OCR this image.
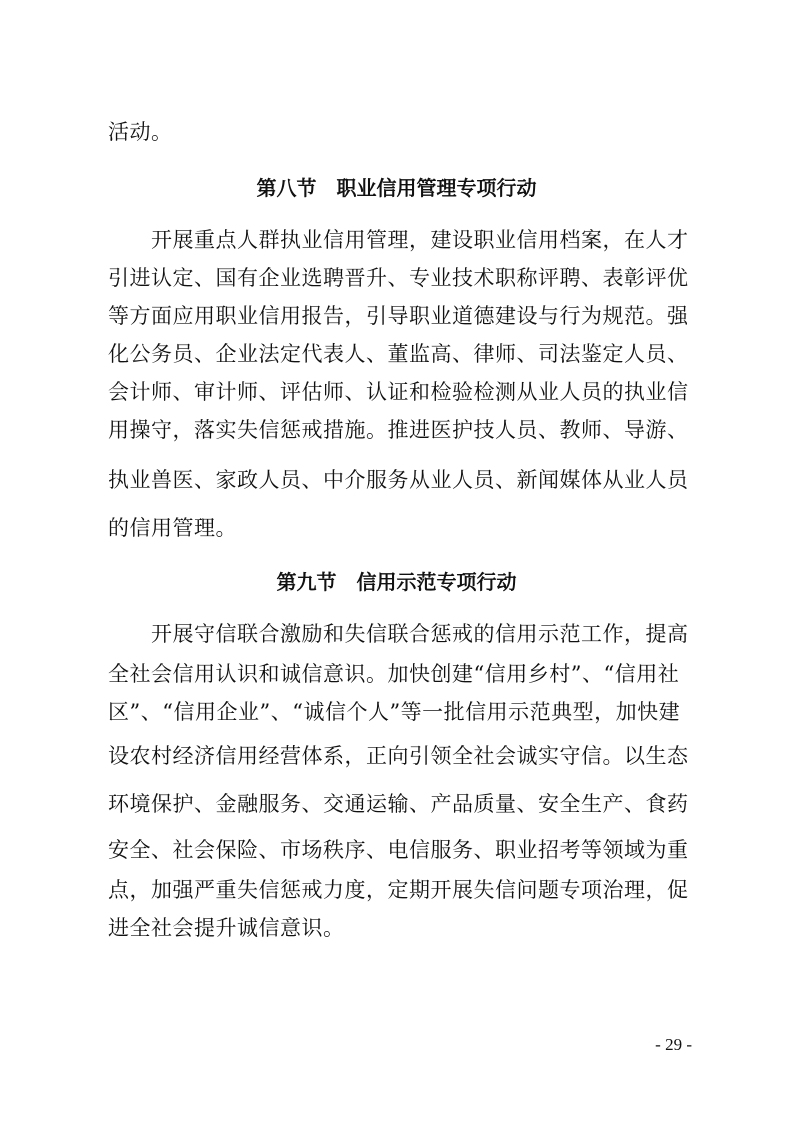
活动。
第八节　职业信用管理专项行动
　　开展重点人群执业信用管理，建设职业信用档案，在人才
引进认定、国有企业选聘晋升、专业技术职称评聘、表彰评优
等方面应用职业信用报告，引导职业道德建设与行为规范。强
化公务员、企业法定代表人、董监高、律师、司法鉴定人员、
会计师、审计师、评估师、认证和检验检测从业人员的执业信
用操守，落实失信惩戒措施。推进医护技人员、教师、导游、
执业兽医、家政人员、中介服务从业人员、新闻媒体从业人员
的信用管理。
第九节　信用示范专项行动
　　开展守信联合激励和失信联合惩戒的信用示范工作，提高
全社会信用认识和诚信意识。加快创建“信用乡村”、“信用社
区”、“信用企业”、“诚信个人”等一批信用示范典型，加快建
设农村经济信用经营体系，正向引领全社会诚实守信。以生态
环境保护、金融服务、交通运输、产品质量、安全生产、食药
安全、社会保险、市场秩序、电信服务、职业招考等领域为重
点，加强严重失信惩戒力度，定期开展失信问题专项治理，促
进全社会提升诚信意识。
- 29 -
